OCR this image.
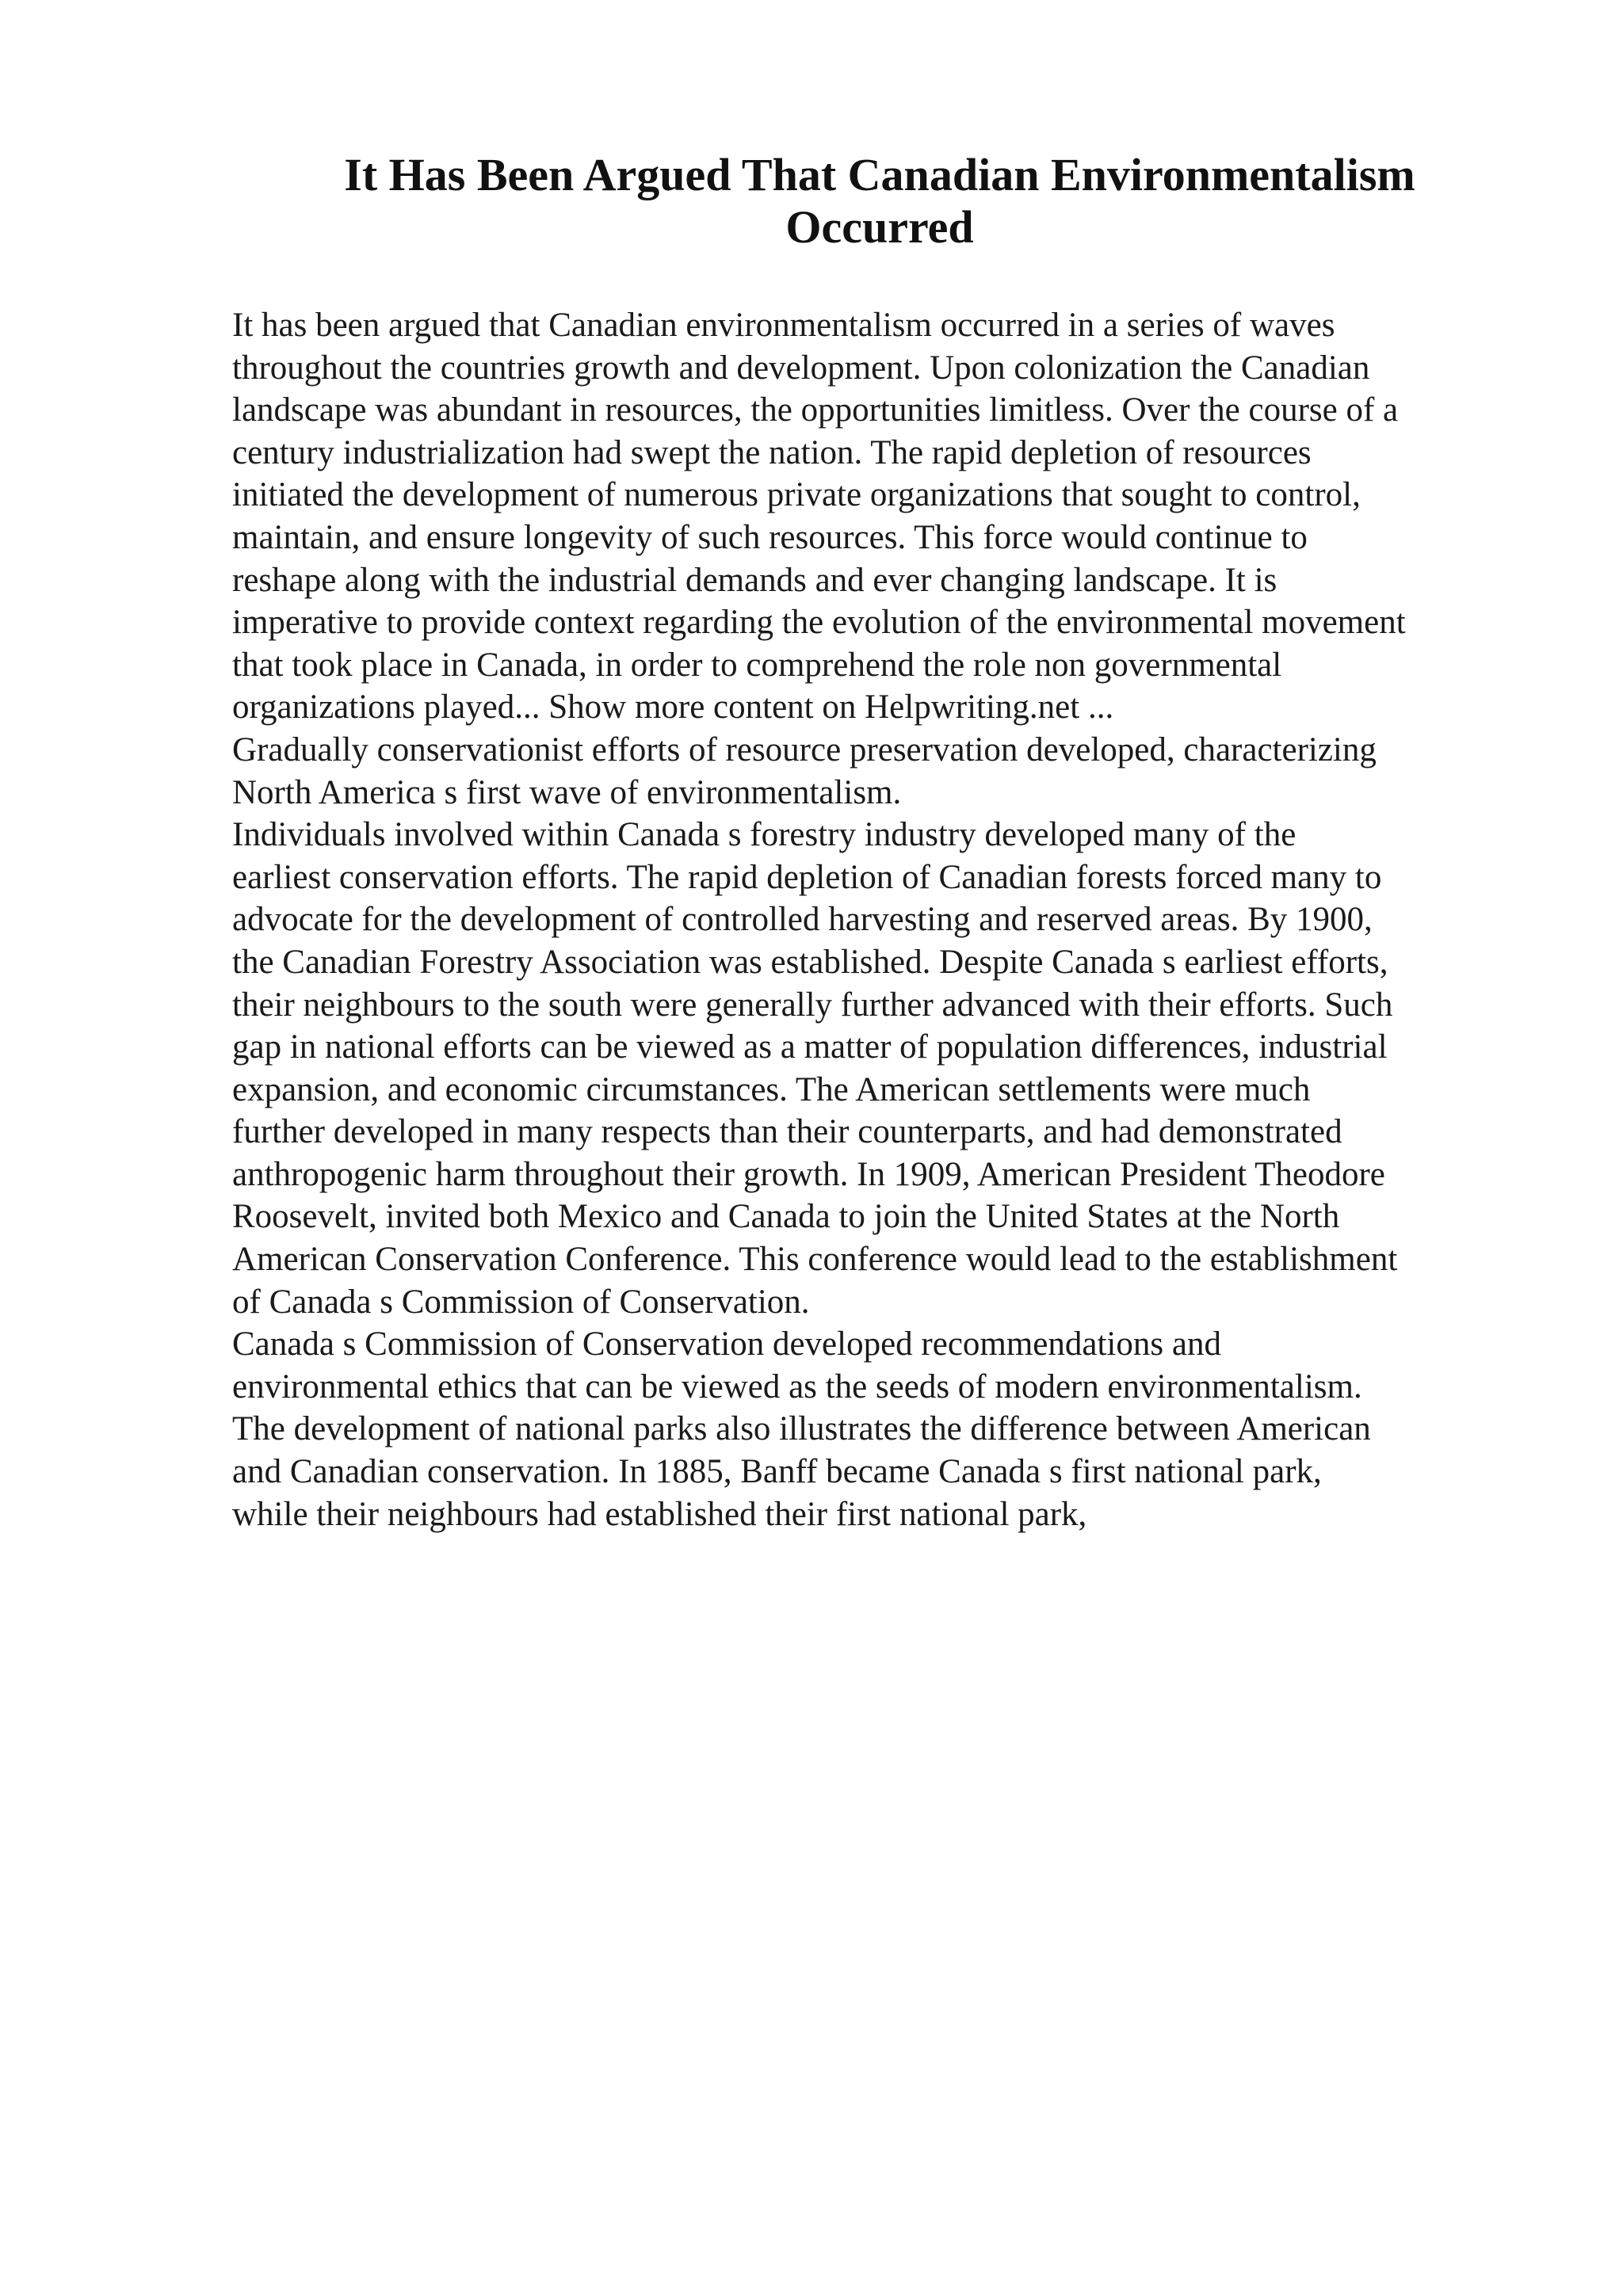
It Has Been Argued That Canadian Environmentalism
Occurred
It has been argued that Canadian environmentalism occurred in a series of waves
throughout the countries growth and development. Upon colonization the Canadian
landscape was abundant in resources, the opportunities limitless. Over the course of a
century industrialization had swept the nation. The rapid depletion of resources
initiated the development of numerous private organizations that sought to control,
maintain, and ensure longevity of such resources. This force would continue to
reshape along with the industrial demands and ever changing landscape. It is
imperative to provide context regarding the evolution of the environmental movement
that took place in Canada, in order to comprehend the role non governmental
organizations played... Show more content on Helpwriting.net ...
Gradually conservationist efforts of resource preservation developed, characterizing
North America s first wave of environmentalism.
Individuals involved within Canada s forestry industry developed many of the
earliest conservation efforts. The rapid depletion of Canadian forests forced many to
advocate for the development of controlled harvesting and reserved areas. By 1900,
the Canadian Forestry Association was established. Despite Canada s earliest efforts,
their neighbours to the south were generally further advanced with their efforts. Such
gap in national efforts can be viewed as a matter of population differences, industrial
expansion, and economic circumstances. The American settlements were much
further developed in many respects than their counterparts, and had demonstrated
anthropogenic harm throughout their growth. In 1909, American President Theodore
Roosevelt, invited both Mexico and Canada to join the United States at the North
American Conservation Conference. This conference would lead to the establishment
of Canada s Commission of Conservation.
Canada s Commission of Conservation developed recommendations and
environmental ethics that can be viewed as the seeds of modern environmentalism.
The development of national parks also illustrates the difference between American
and Canadian conservation. In 1885, Banff became Canada s first national park,
while their neighbours had established their first national park,
